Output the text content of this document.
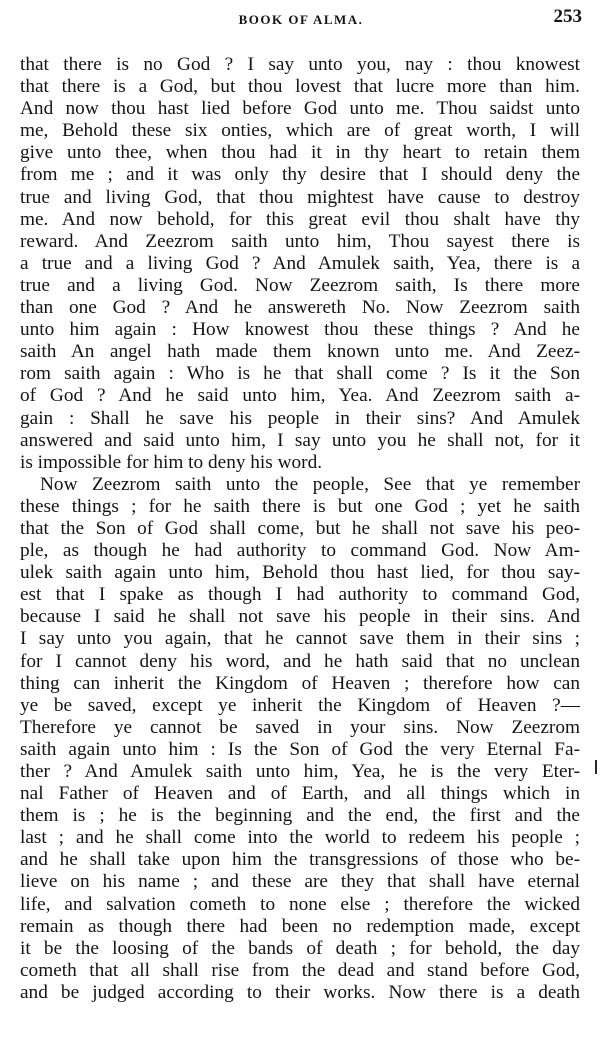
BOOK OF ALMA.	253
that there is no God ? I say unto you, nay : thou knowest
that there is a God, but thou lovest that lucre more than him.
And now thou hast lied before God unto me. Thou saidst unto
me, Behold these six onties, which are of great worth, I will
give unto thee, when thou had it in thy heart to retain them
from me ; and it was only thy desire that I should deny the
true and living God, that thou mightest have cause to destroy
me. And now behold, for this great evil thou shalt have thy
reward. And Zeezrom saith unto him, Thou sayest there is
a true and a living God ? And Amulek saith, Yea, there is a
true and a living God. Now Zeezrom saith, Is there more
than one God ? And he answereth No. Now Zeezrom saith
unto him again : How knowest thou these things ? And he
saith An angel hath made them known unto me. And Zeez-
rom saith again : Who is he that shall come ? Is it the Son
of God ? And he said unto him, Yea. And Zeezrom saith a-
gain : Shall he save his people in their sins? And Amulek
answered and said unto him, I say unto you he shall not, for it
is impossible for him to deny his word.
Now Zeezrom saith unto the people, See that ye remember
these things ; for he saith there is but one God ; yet he saith
that the Son of God shall come, but he shall not save his peo-
ple, as though he had authority to command God. Now Am-
ulek saith again unto him, Behold thou hast lied, for thou say-
est that I spake as though I had authority to command God,
because I said he shall not save his people in their sins. And
I say unto you again, that he cannot save them in their sins ;
for I cannot deny his word, and he hath said that no unclean
thing can inherit the Kingdom of Heaven ; therefore how can
ye be saved, except ye inherit the Kingdom of Heaven ?—
Therefore ye cannot be saved in your sins. Now Zeezrom
saith again unto him : Is the Son of God the very Eternal Fa-
ther ? And Amulek saith unto him, Yea, he is the very Eter-
nal Father of Heaven and of Earth, and all things which in
them is ; he is the beginning and the end, the first and the
last ; and he shall come into the world to redeem his people ;
and he shall take upon him the transgressions of those who be-
lieve on his name ; and these are they that shall have eternal
life, and salvation cometh to none else ; therefore the wicked
remain as though there had been no redemption made, except
it be the loosing of the bands of death ; for behold, the day
cometh that all shall rise from the dead and stand before God,
and be judged according to their works. Now there is a death
